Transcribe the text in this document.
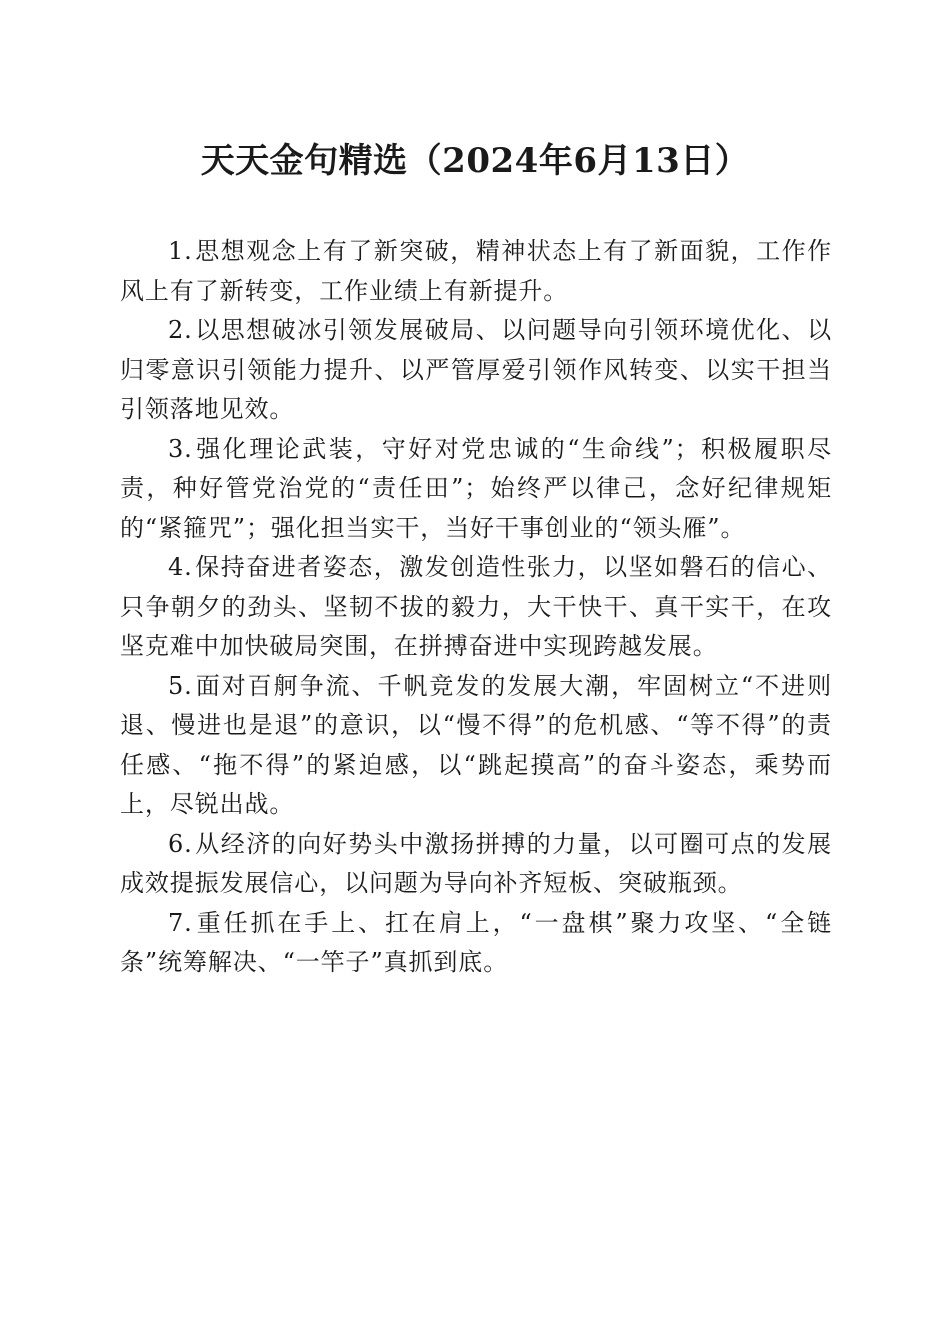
天天金句精选（2024年6月13日）

1.思想观念上有了新突破，精神状态上有了新面貌，工作作风上有了新转变，工作业绩上有新提升。

2.以思想破冰引领发展破局、以问题导向引领环境优化、以归零意识引领能力提升、以严管厚爱引领作风转变、以实干担当引领落地见效。

3.强化理论武装，守好对党忠诚的“生命线”；积极履职尽责，种好管党治党的“责任田”；始终严以律己，念好纪律规矩的“紧箍咒”；强化担当实干，当好干事创业的“领头雁”。

4.保持奋进者姿态，激发创造性张力，以坚如磐石的信心、只争朝夕的劲头、坚韧不拔的毅力，大干快干、真干实干，在攻坚克难中加快破局突围，在拼搏奋进中实现跨越发展。

5.面对百舸争流、千帆竞发的发展大潮，牢固树立“不进则退、慢进也是退”的意识，以“慢不得”的危机感、“等不得”的责任感、“拖不得”的紧迫感，以“跳起摸高”的奋斗姿态，乘势而上，尽锐出战。

6.从经济的向好势头中激扬拼搏的力量，以可圈可点的发展成效提振发展信心，以问题为导向补齐短板、突破瓶颈。

7.重任抓在手上、扛在肩上，“一盘棋”聚力攻坚、“全链条”统筹解决、“一竿子”真抓到底。
